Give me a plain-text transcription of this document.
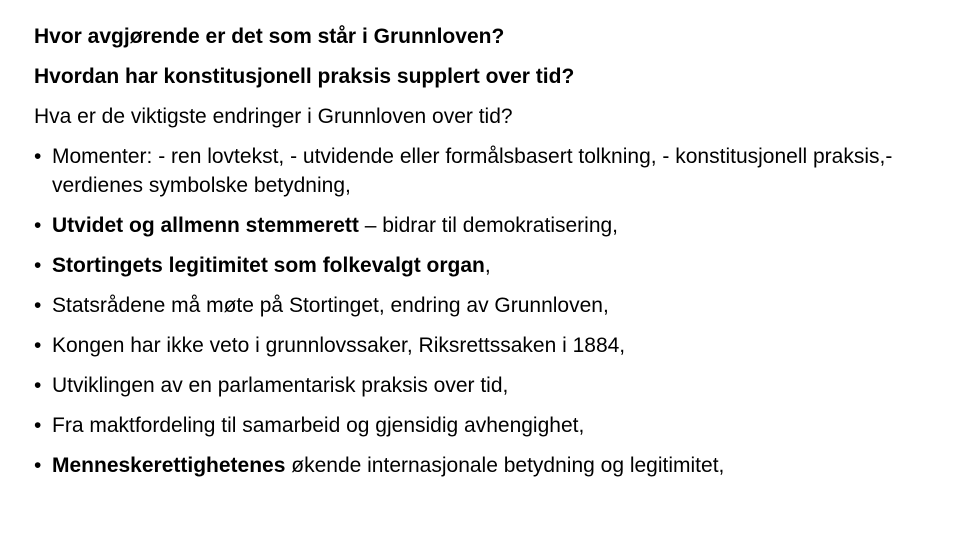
Hvor avgjørende er det som står i Grunnloven?
Hvordan har konstitusjonell praksis supplert over tid?
Hva er de viktigste endringer i Grunnloven over tid?
• Momenter: - ren lovtekst, - utvidende eller formålsbasert tolkning, - konstitusjonell praksis,- verdienes symbolske betydning,
• Utvidet og allmenn stemmerett – bidrar til demokratisering,
• Stortingets legitimitet som folkevalgt organ,
• Statsrådene må møte på Stortinget, endring av Grunnloven,
• Kongen har ikke veto i grunnlovssaker, Riksrettssaken i 1884,
• Utviklingen av en parlamentarisk praksis over tid,
• Fra maktfordeling til samarbeid og gjensidig avhengighet,
• Menneskerettighetenes økende internasjonale betydning og legitimitet,
